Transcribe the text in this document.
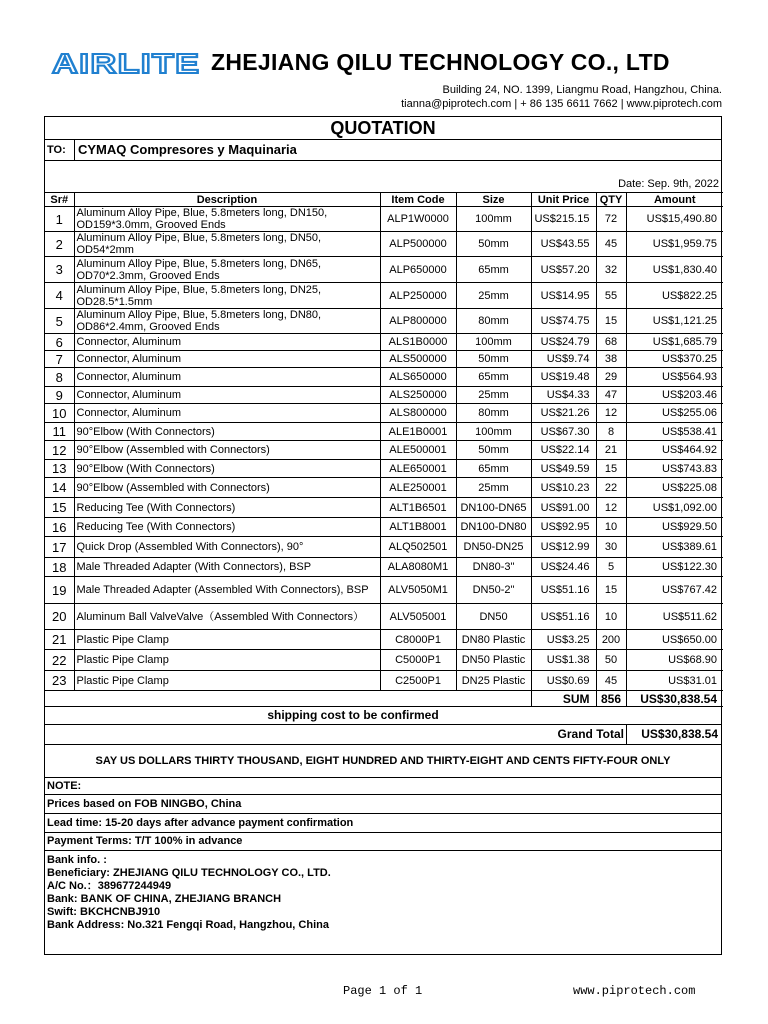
AIRLITE ZHEJIANG QILU TECHNOLOGY CO., LTD
Building 24, NO. 1399, Liangmu Road, Hangzhou, China.
tianna@piprotech.com | + 86 135 6611 7662 | www.piprotech.com
QUOTATION
TO: CYMAQ Compresores y Maquinaria
Date: Sep. 9th, 2022
Sr#	Description	Item Code	Size	Unit Price	QTY	Amount
1	Aluminum Alloy Pipe, Blue, 5.8meters long, DN150, OD159*3.0mm, Grooved Ends	ALP1W0000	100mm	US$215.15	72	US$15,490.80
2	Aluminum Alloy Pipe, Blue, 5.8meters long, DN50, OD54*2mm	ALP500000	50mm	US$43.55	45	US$1,959.75
3	Aluminum Alloy Pipe, Blue, 5.8meters long, DN65, OD70*2.3mm, Grooved Ends	ALP650000	65mm	US$57.20	32	US$1,830.40
4	Aluminum Alloy Pipe, Blue, 5.8meters long, DN25, OD28.5*1.5mm	ALP250000	25mm	US$14.95	55	US$822.25
5	Aluminum Alloy Pipe, Blue, 5.8meters long, DN80, OD86*2.4mm, Grooved Ends	ALP800000	80mm	US$74.75	15	US$1,121.25
6	Connector, Aluminum	ALS1B0000	100mm	US$24.79	68	US$1,685.79
7	Connector, Aluminum	ALS500000	50mm	US$9.74	38	US$370.25
8	Connector, Aluminum	ALS650000	65mm	US$19.48	29	US$564.93
9	Connector, Aluminum	ALS250000	25mm	US$4.33	47	US$203.46
10	Connector, Aluminum	ALS800000	80mm	US$21.26	12	US$255.06
11	90°Elbow (With Connectors)	ALE1B0001	100mm	US$67.30	8	US$538.41
12	90°Elbow (Assembled with Connectors)	ALE500001	50mm	US$22.14	21	US$464.92
13	90°Elbow (With Connectors)	ALE650001	65mm	US$49.59	15	US$743.83
14	90°Elbow (Assembled with Connectors)	ALE250001	25mm	US$10.23	22	US$225.08
15	Reducing Tee (With Connectors)	ALT1B6501	DN100-DN65	US$91.00	12	US$1,092.00
16	Reducing Tee (With Connectors)	ALT1B8001	DN100-DN80	US$92.95	10	US$929.50
17	Quick Drop (Assembled With Connectors), 90°	ALQ502501	DN50-DN25	US$12.99	30	US$389.61
18	Male Threaded Adapter (With Connectors), BSP	ALA8080M1	DN80-3"	US$24.46	5	US$122.30
19	Male Threaded Adapter (Assembled With Connectors), BSP	ALV5050M1	DN50-2"	US$51.16	15	US$767.42
20	Aluminum Ball ValveValve（Assembled With Connectors）	ALV505001	DN50	US$51.16	10	US$511.62
21	Plastic Pipe Clamp	C8000P1	DN80 Plastic	US$3.25	200	US$650.00
22	Plastic Pipe Clamp	C5000P1	DN50 Plastic	US$1.38	50	US$68.90
23	Plastic Pipe Clamp	C2500P1	DN25 Plastic	US$0.69	45	US$31.01
				SUM	856	US$30,838.54
shipping cost to be confirmed
Grand Total	US$30,838.54
SAY US DOLLARS THIRTY THOUSAND, EIGHT HUNDRED AND THIRTY-EIGHT AND CENTS FIFTY-FOUR ONLY
NOTE:
Prices based on FOB NINGBO, China
Lead time: 15-20 days after advance payment confirmation
Payment Terms: T/T 100% in advance
Bank info. :
Beneficiary: ZHEJIANG QILU TECHNOLOGY CO., LTD.
A/C No.：389677244949
Bank: BANK OF CHINA, ZHEJIANG BRANCH
Swift: BKCHCNBJ910
Bank Address: No.321 Fengqi Road, Hangzhou, China
Page 1 of 1	www.piprotech.com
